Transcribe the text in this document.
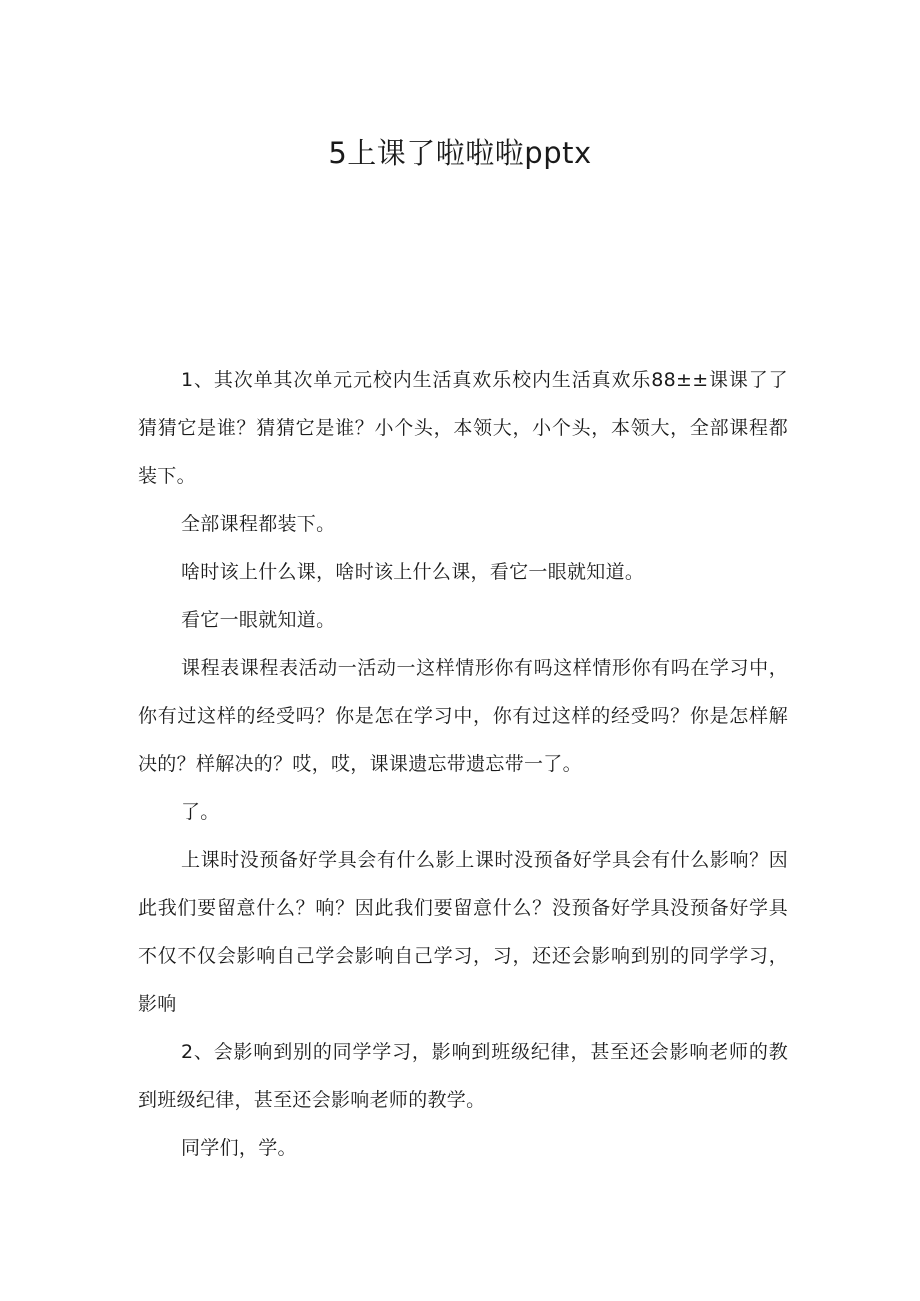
5上课了啦啦啦pptx

1、其次单其次单元元校内生活真欢乐校内生活真欢乐88±±课课了了猜猜它是谁？猜猜它是谁？小个头，本领大，小个头，本领大，全部课程都装下。

全部课程都装下。

啥时该上什么课，啥时该上什么课，看它一眼就知道。

看它一眼就知道。

课程表课程表活动一活动一这样情形你有吗这样情形你有吗在学习中，你有过这样的经受吗？你是怎在学习中，你有过这样的经受吗？你是怎样解决的？样解决的？哎，哎，课课遗忘带遗忘带一了。

了。

上课时没预备好学具会有什么影上课时没预备好学具会有什么影响？因此我们要留意什么？响？因此我们要留意什么？没预备好学具没预备好学具不仅不仅会影响自己学会影响自己学习，习，还还会影响到别的同学学习，影响

2、会影响到别的同学学习，影响到班级纪律，甚至还会影响老师的教到班级纪律，甚至还会影响老师的教学。

同学们，学。
